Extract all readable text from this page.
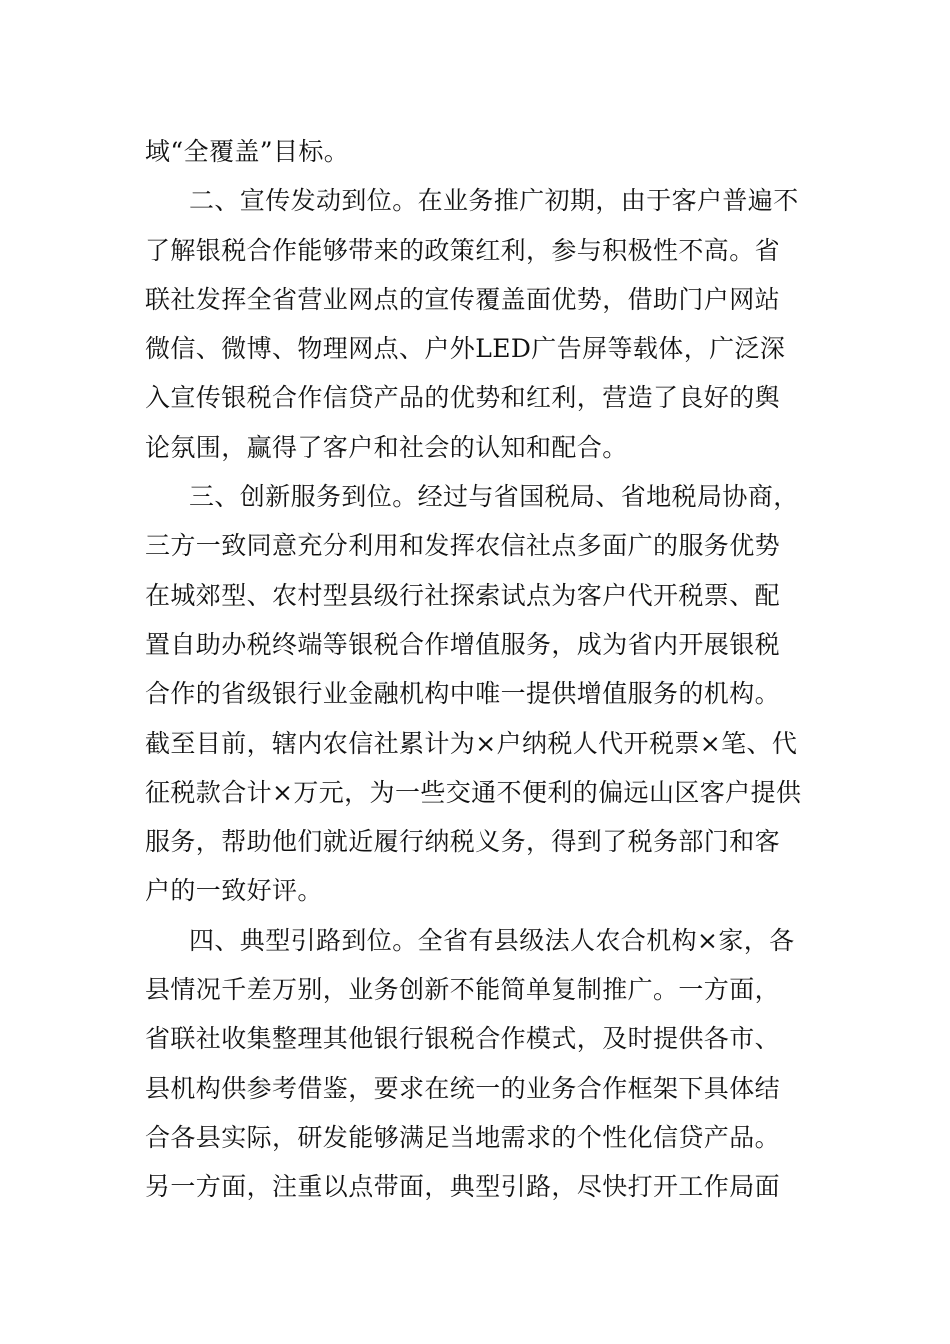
域“全覆盖”目标。
二、宣传发动到位。在业务推广初期，由于客户普遍不
了解银税合作能够带来的政策红利，参与积极性不高。省
联社发挥全省营业网点的宣传覆盖面优势，借助门户网站
微信、微博、物理网点、户外LED广告屏等载体，广泛深
入宣传银税合作信贷产品的优势和红利，营造了良好的舆
论氛围，赢得了客户和社会的认知和配合。
三、创新服务到位。经过与省国税局、省地税局协商，
三方一致同意充分利用和发挥农信社点多面广的服务优势
在城郊型、农村型县级行社探索试点为客户代开税票、配
置自助办税终端等银税合作增值服务，成为省内开展银税
合作的省级银行业金融机构中唯一提供增值服务的机构。
截至目前，辖内农信社累计为×户纳税人代开税票×笔、代
征税款合计×万元，为一些交通不便利的偏远山区客户提供
服务，帮助他们就近履行纳税义务，得到了税务部门和客
户的一致好评。
四、典型引路到位。全省有县级法人农合机构×家，各
县情况千差万别，业务创新不能简单复制推广。一方面，
省联社收集整理其他银行银税合作模式，及时提供各市、
县机构供参考借鉴，要求在统一的业务合作框架下具体结
合各县实际，研发能够满足当地需求的个性化信贷产品。
另一方面，注重以点带面，典型引路，尽快打开工作局面
